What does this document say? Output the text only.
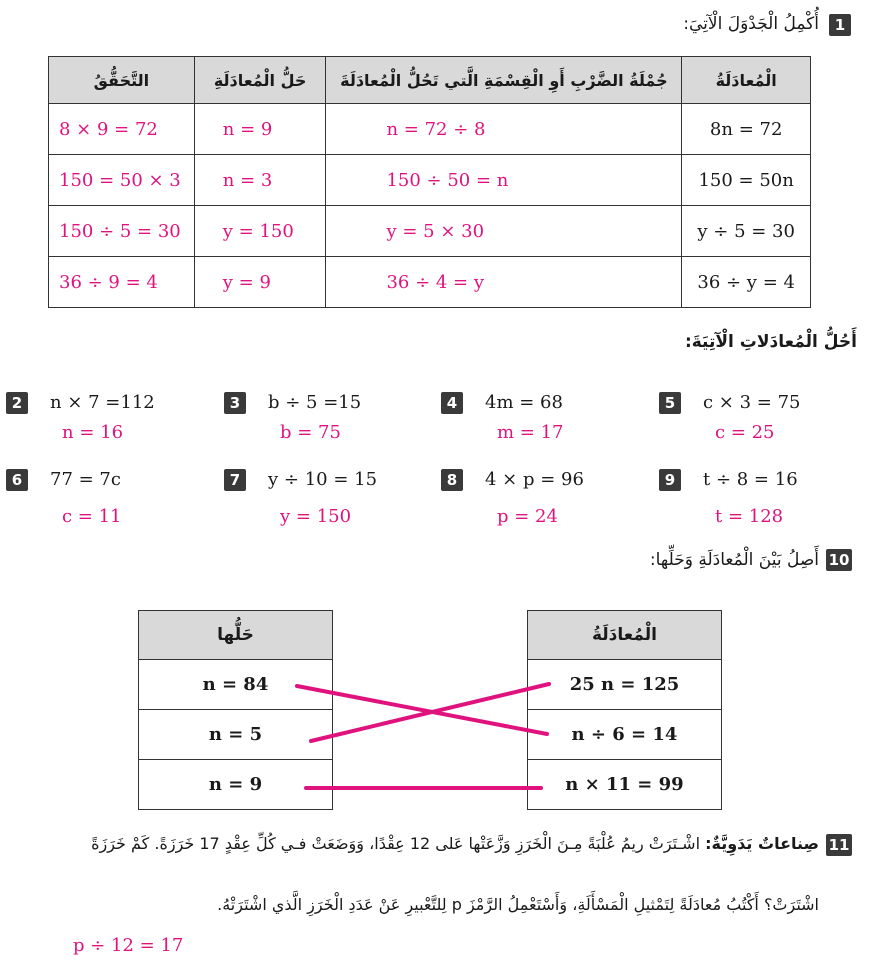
1
أُكْمِلُ الْجَدْوَلَ الْآتِيَ:
التَّحَقُّقُ	حَلُّ الْمُعادَلَةِ	جُمْلَةُ الضَّرْبِ أَوِ الْقِسْمَةِ الَّتي تَحُلُّ الْمُعادَلَةَ	الْمُعادَلَةُ
8 × 9 = 72	n = 9	n = 72 ÷ 8	8n = 72
150 = 50 × 3	n = 3	150 ÷ 50 = n	150 = 50n
150 ÷ 5 = 30	y = 150	y = 5 × 30	y ÷ 5 = 30
36 ÷ 9 = 4	y = 9	36 ÷ 4 = y	36 ÷ y = 4
أَحُلُّ الْمُعادَلاتِ الْآتِيَةَ:
2	n × 7 =112
n = 16
3	b ÷ 5 =15
b = 75
4	4m = 68
m = 17
5	c × 3 = 75
c = 25
6	77 = 7c
c = 11
7	y ÷ 10 = 15
y = 150
8	4 × p = 96
p = 24
9	t ÷ 8 = 16
t = 128
10
أَصِلُ بَيْنَ الْمُعادَلَةِ وَحَلِّها:
حَلُّها
n = 84
n = 5
n = 9
الْمُعادَلَةُ
25 n = 125
n ÷ 6 = 14
n × 11 = 99
11
صِناعاتٌ يَدَوِيَّةٌ: اشْـتَرَتْ ريمُ عُلْبَةً مِـنَ الْخَرَزِ وَزَّعَتْها عَلى 12 عِقْدًا، وَوَضَعَتْ فـي كُلِّ عِقْدٍ 17 خَرَزَةً. كَمْ خَرَزَةً
اشْتَرَتْ؟ أَكْتُبُ مُعادَلَةً لِتَمْثيلِ الْمَسْأَلَةِ، وَأَسْتَعْمِلُ الرَّمْزَ p لِلتَّعْبيرِ عَنْ عَدَدِ الْخَرَزِ الَّذي اشْتَرَتْهُ.
p ÷ 12 = 17
